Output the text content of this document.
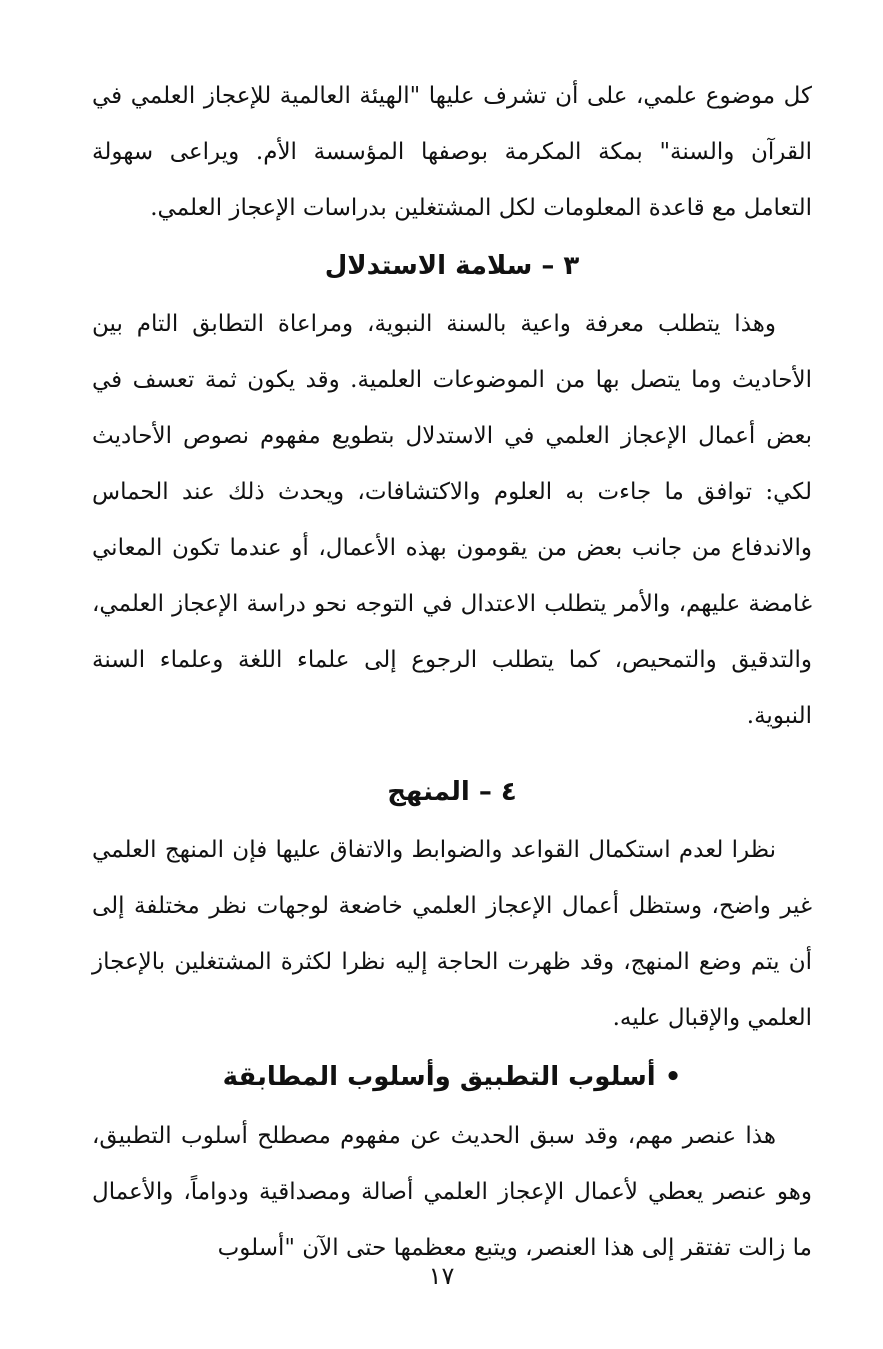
كل موضوع علمي، على أن تشرف عليها "الهيئة العالمية للإعجاز العلمي في القرآن والسنة" بمكة المكرمة بوصفها المؤسسة الأم. ويراعى سهولة التعامل مع قاعدة المعلومات لكل المشتغلين بدراسات الإعجاز العلمي.

٣ – سلامة الاستدلال

وهذا يتطلب معرفة واعية بالسنة النبوية، ومراعاة التطابق التام بين الأحاديث وما يتصل بها من الموضوعات العلمية. وقد يكون ثمة تعسف في بعض أعمال الإعجاز العلمي في الاستدلال بتطويع مفهوم نصوص الأحاديث لكي: توافق ما جاءت به العلوم والاكتشافات، ويحدث ذلك عند الحماس والاندفاع من جانب بعض من يقومون بهذه الأعمال، أو عندما تكون المعاني غامضة عليهم، والأمر يتطلب الاعتدال في التوجه نحو دراسة الإعجاز العلمي، والتدقيق والتمحيص، كما يتطلب الرجوع إلى علماء اللغة وعلماء السنة النبوية.

٤ – المنهج

نظرا لعدم استكمال القواعد والضوابط والاتفاق عليها فإن المنهج العلمي غير واضح، وستظل أعمال الإعجاز العلمي خاضعة لوجهات نظر مختلفة إلى أن يتم وضع المنهج، وقد ظهرت الحاجة إليه نظرا لكثرة المشتغلين بالإعجاز العلمي والإقبال عليه.

• أسلوب التطبيق وأسلوب المطابقة

هذا عنصر مهم، وقد سبق الحديث عن مفهوم مصطلح أسلوب التطبيق، وهو عنصر يعطي لأعمال الإعجاز العلمي أصالة ومصداقية ودواماً، والأعمال ما زالت تفتقر إلى هذا العنصر، ويتبع معظمها حتى الآن "أسلوب

١٧
